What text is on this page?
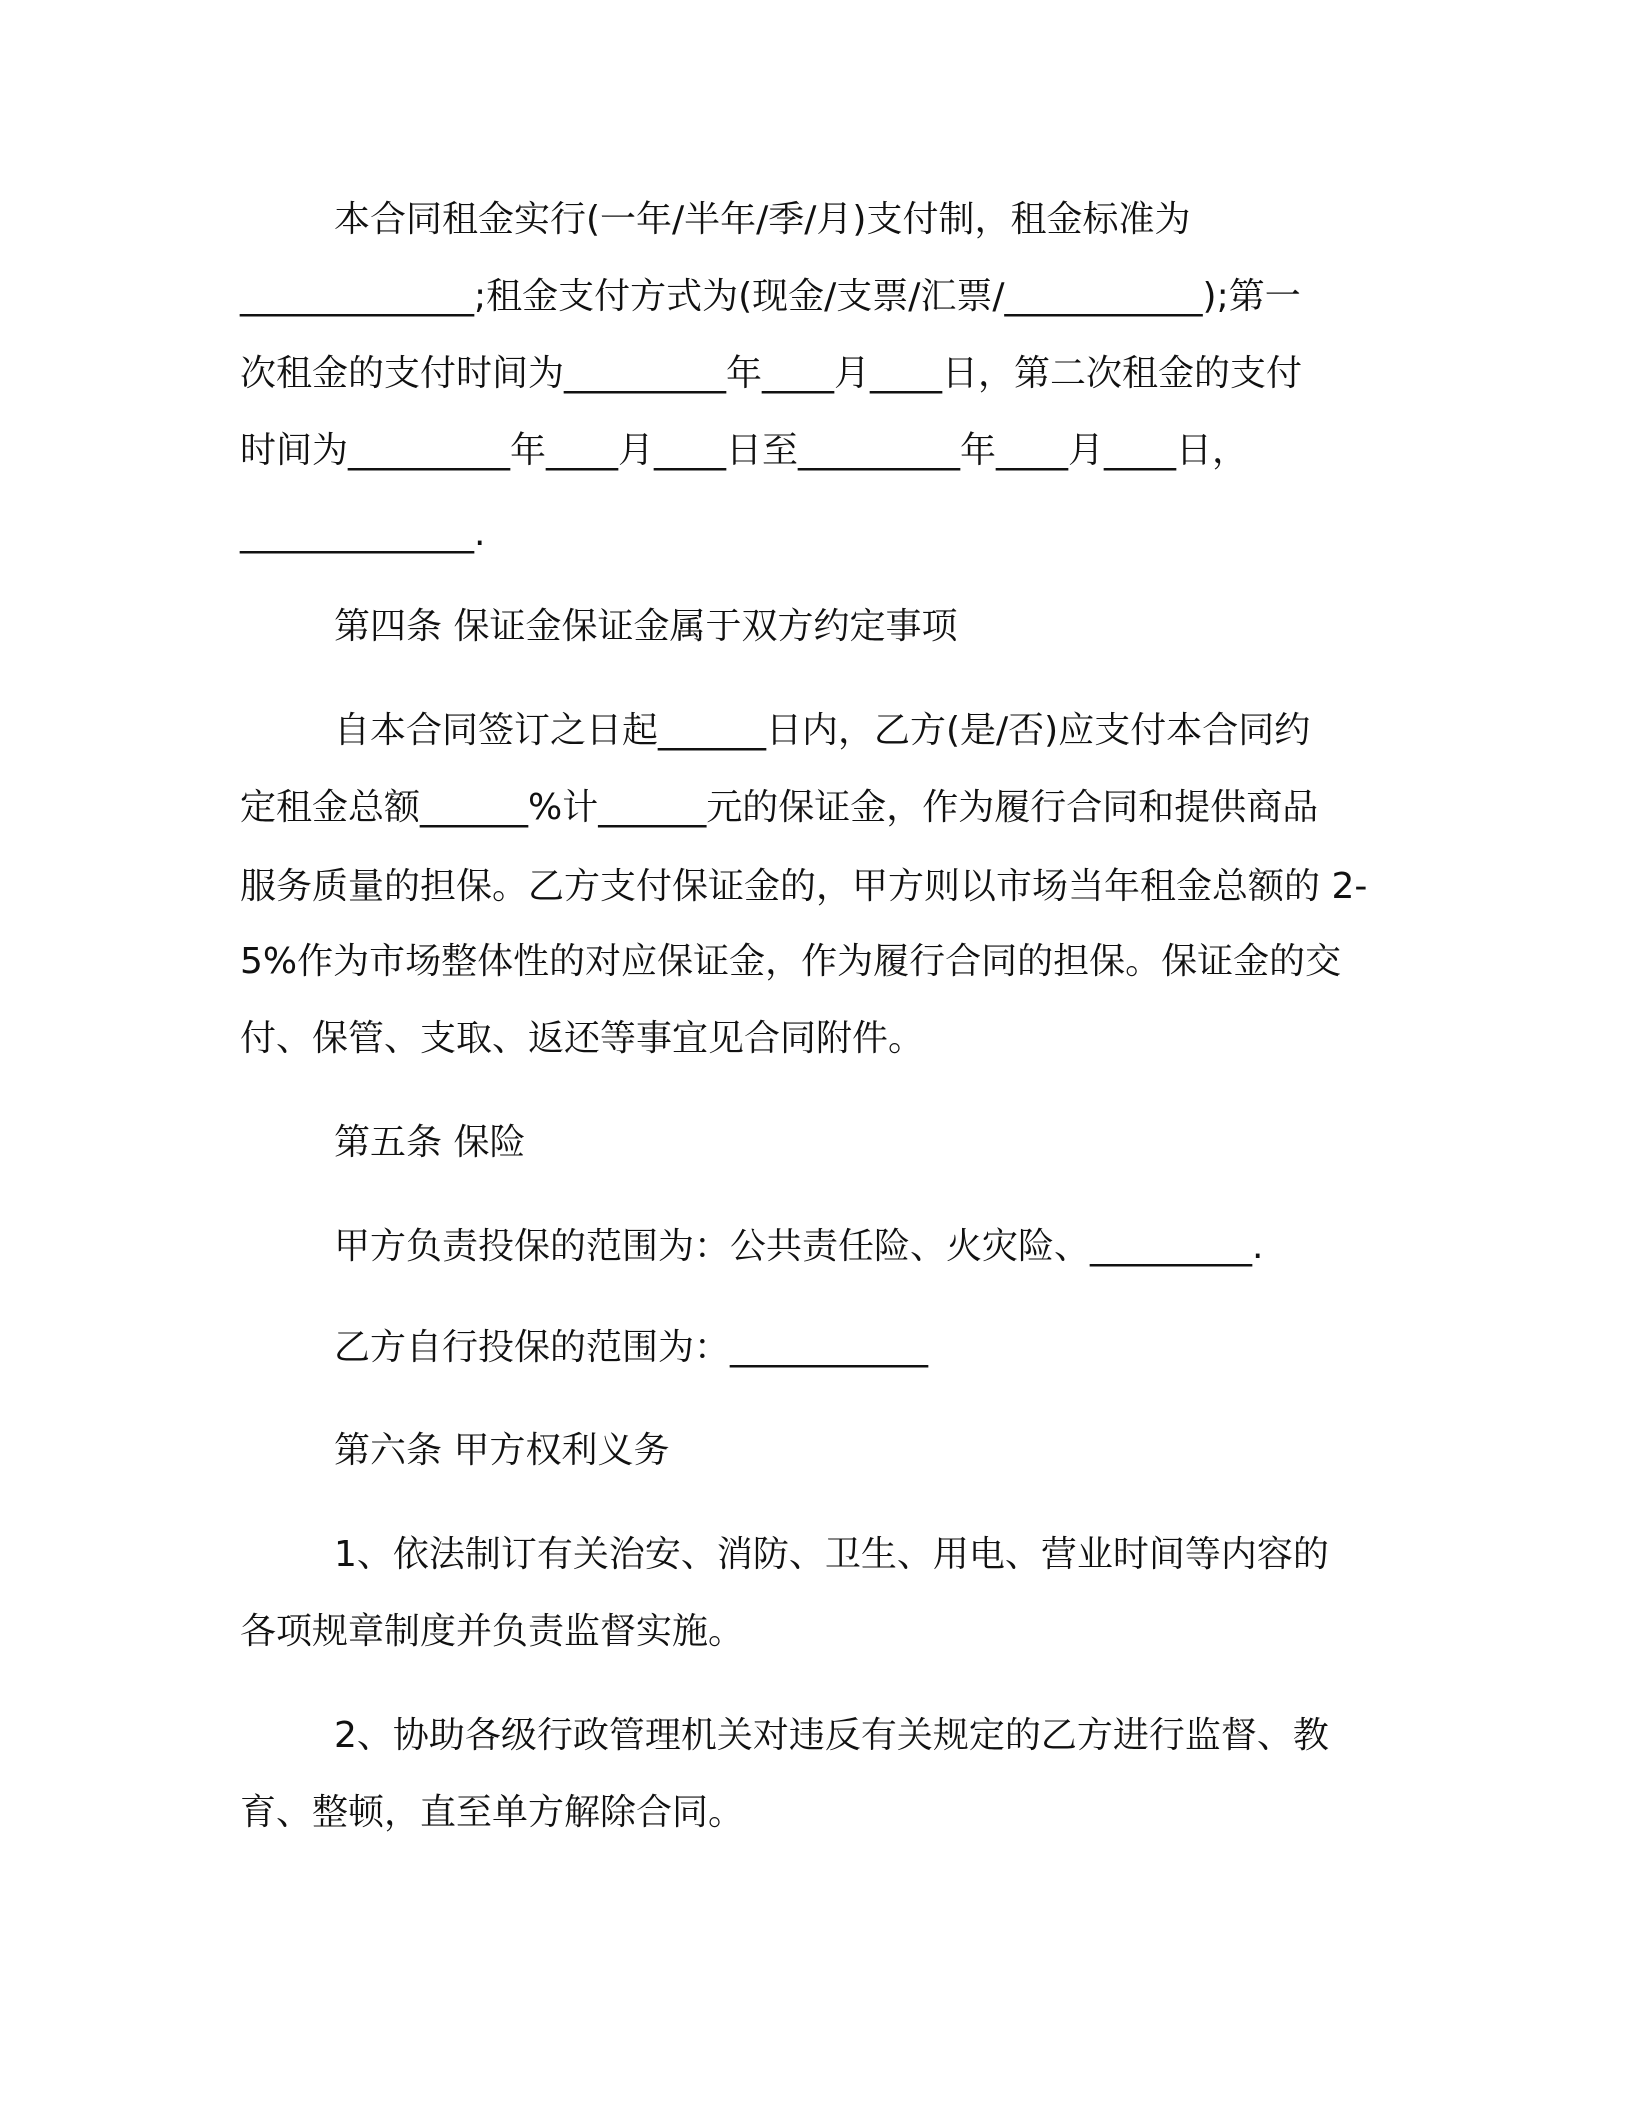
本合同租金实行(一年/半年/季/月)支付制，租金标准为

_____________;租金支付方式为(现金/支票/汇票/___________);第一

次租金的支付时间为_________年____月____日，第二次租金的支付

时间为_________年____月____日至_________年____月____日，

_____________.

第四条 保证金保证金属于双方约定事项

自本合同签订之日起______日内，乙方(是/否)应支付本合同约

定租金总额______%计______元的保证金，作为履行合同和提供商品

服务质量的担保。乙方支付保证金的，甲方则以市场当年租金总额的 2-

5%作为市场整体性的对应保证金，作为履行合同的担保。保证金的交

付、保管、支取、返还等事宜见合同附件。

第五条 保险

甲方负责投保的范围为：公共责任险、火灾险、_________.

乙方自行投保的范围为：___________

第六条 甲方权利义务

1、依法制订有关治安、消防、卫生、用电、营业时间等内容的

各项规章制度并负责监督实施。

2、协助各级行政管理机关对违反有关规定的乙方进行监督、教

育、整顿，直至单方解除合同。
